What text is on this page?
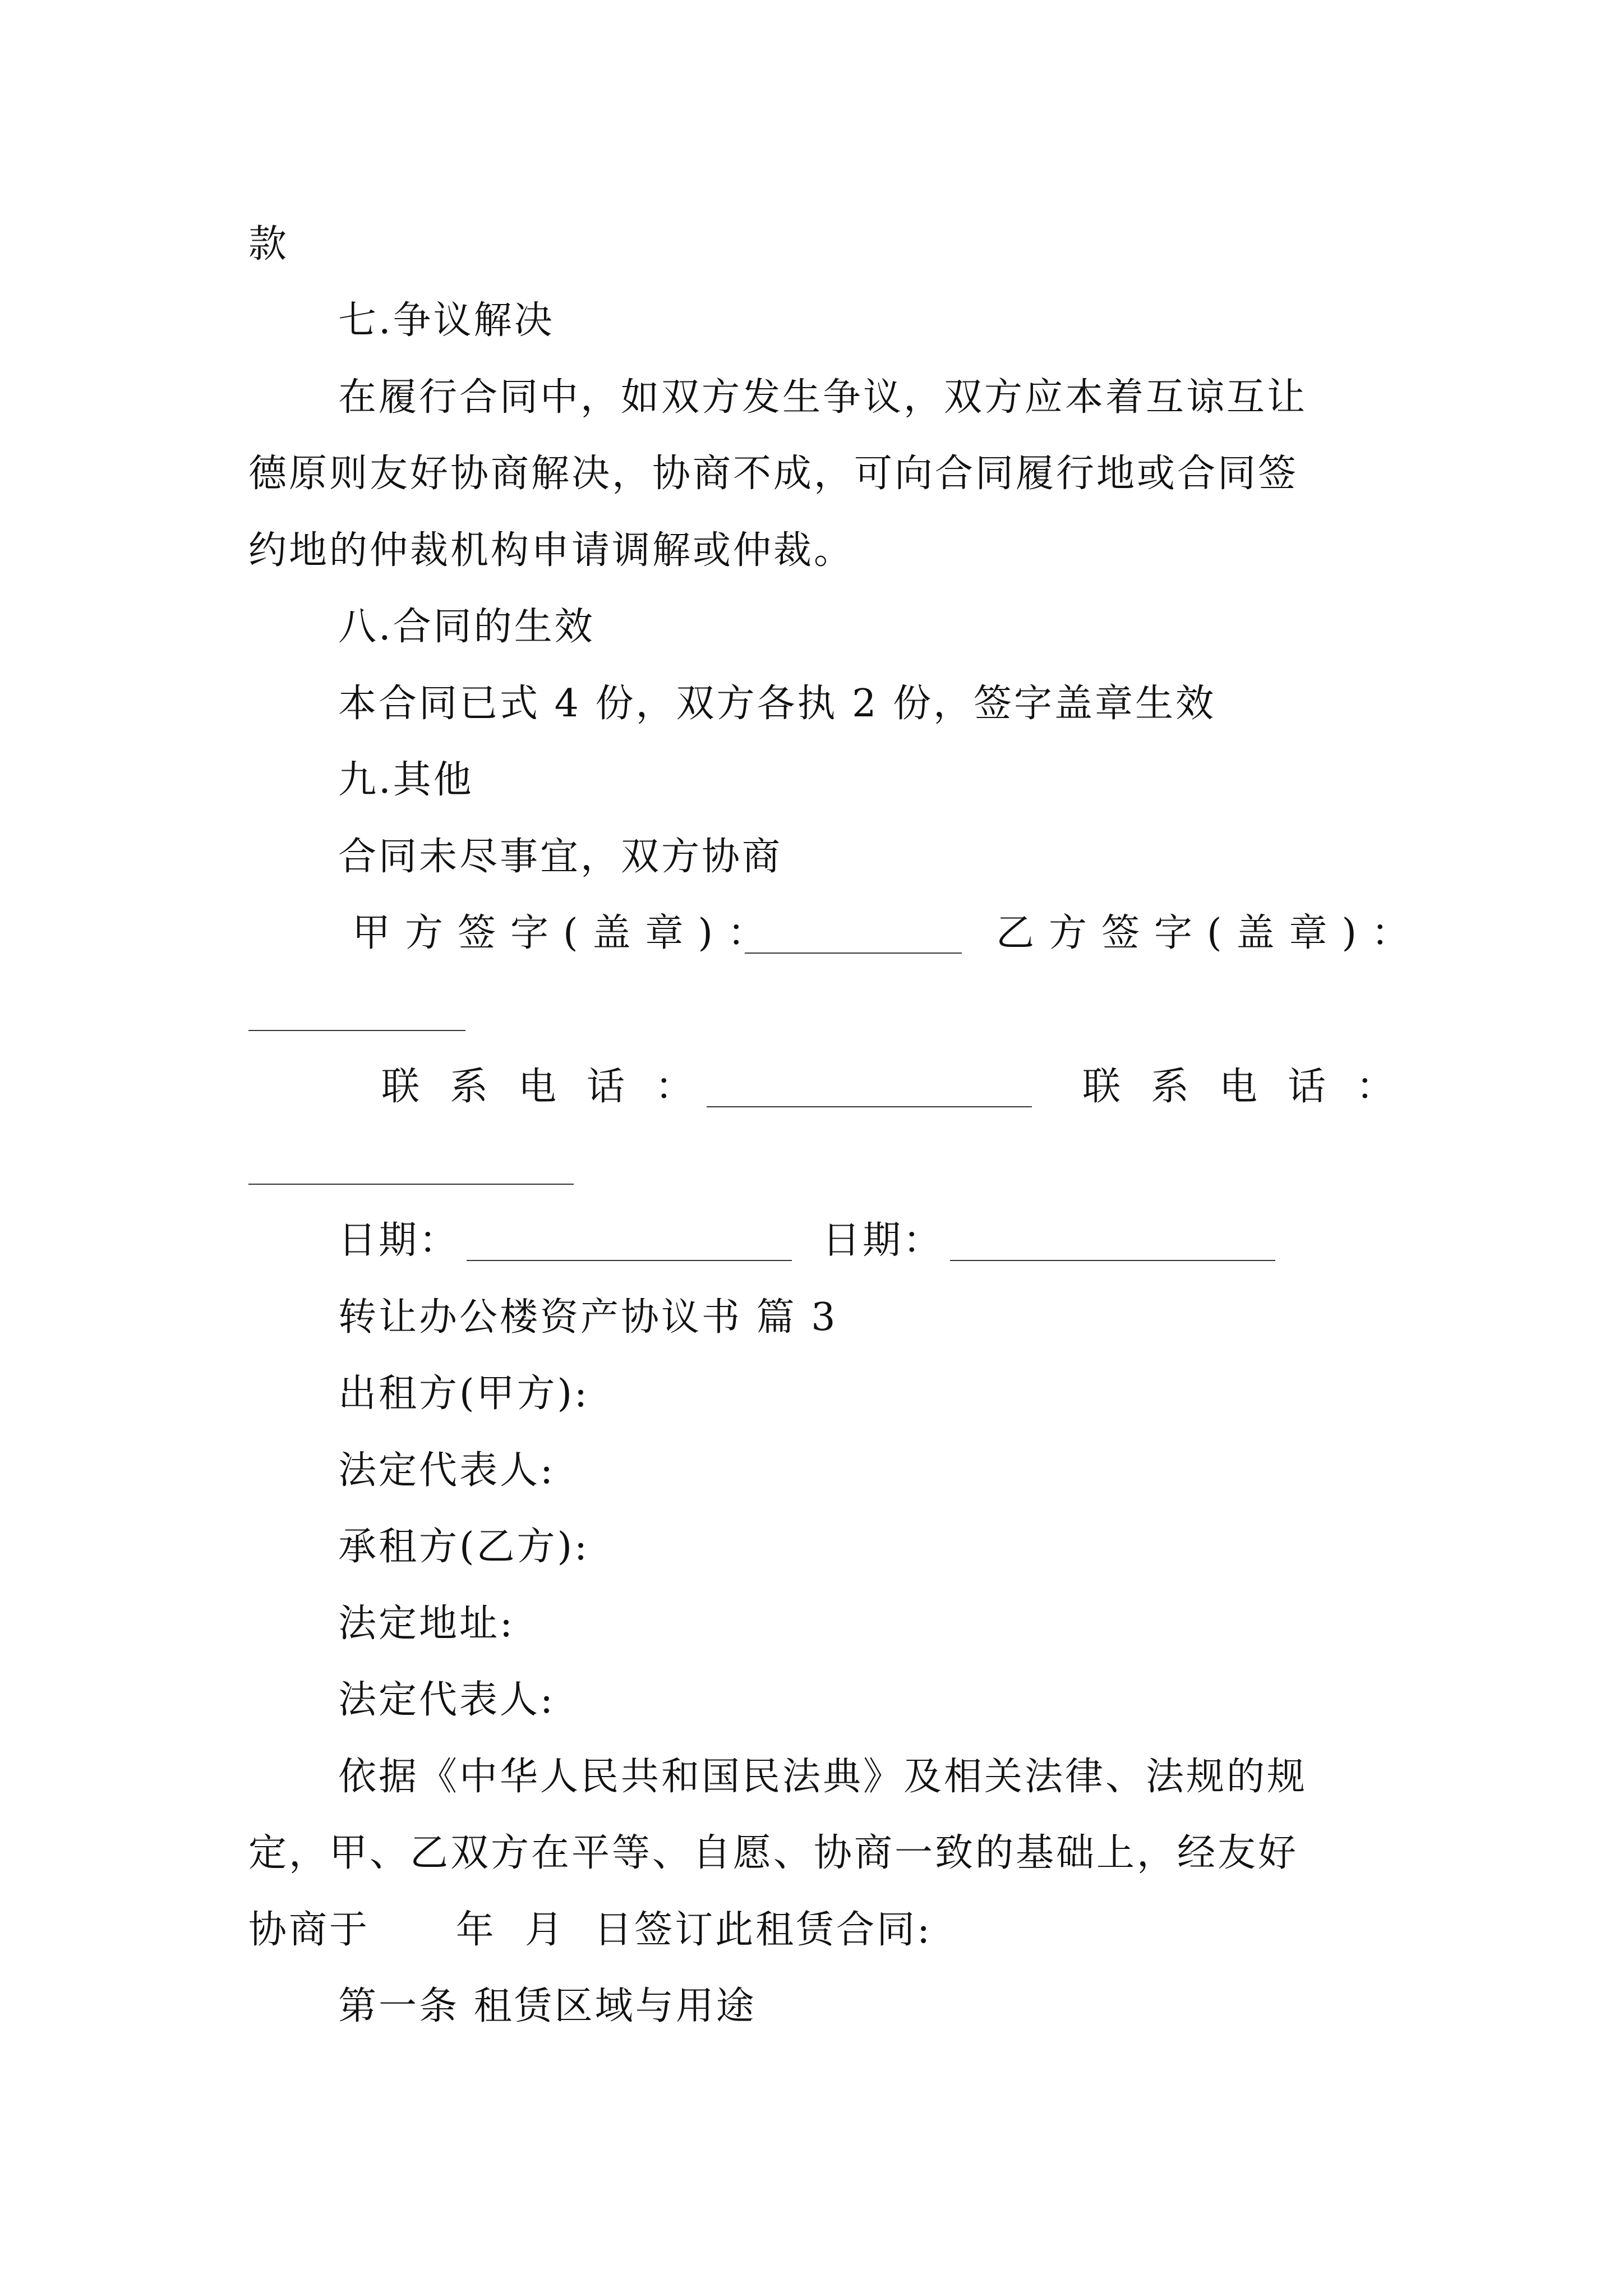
款
七.争议解决
在履行合同中，如双方发生争议，双方应本着互谅互让
德原则友好协商解决，协商不成，可向合同履行地或合同签
约地的仲裁机构申请调解或仲裁。
八.合同的生效
本合同已式 4 份，双方各执 2 份，签字盖章生效
九.其他
合同未尽事宜，双方协商
甲方签字(盖章)：	乙方签字(盖章)：
联系电话：	联系电话：
日期：	日期：
转让办公楼资产协议书 篇 3
出租方(甲方):
法定代表人:
承租方(乙方):
法定地址:
法定代表人:
依据《中华人民共和国民法典》及相关法律、法规的规
定，甲、乙双方在平等、自愿、协商一致的基础上，经友好
协商于      年  月  日签订此租赁合同:
第一条 租赁区域与用途
